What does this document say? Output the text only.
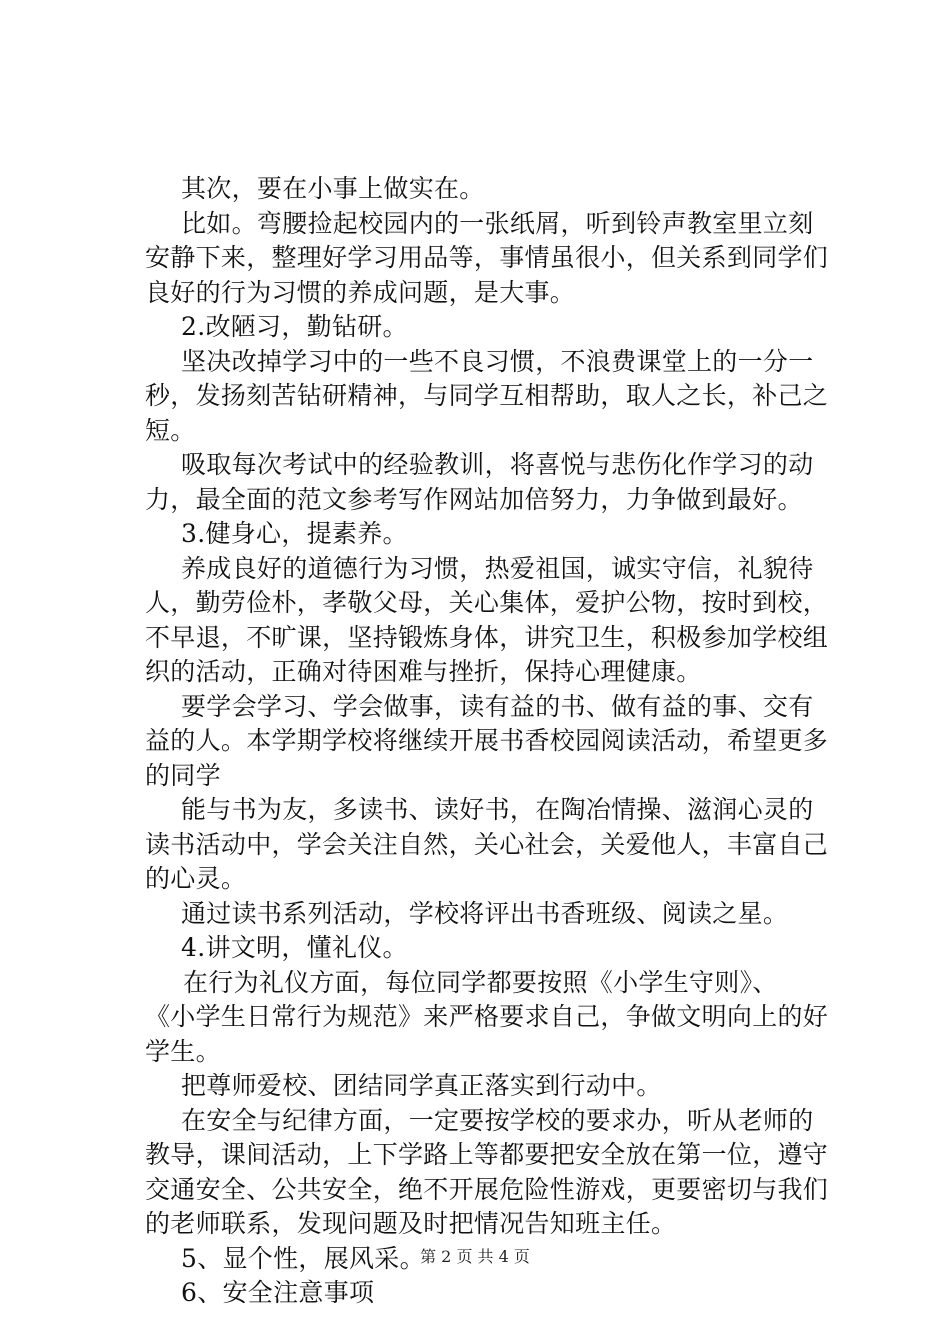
其次，要在小事上做实在。
比如。弯腰捡起校园内的一张纸屑，听到铃声教室里立刻
安静下来，整理好学习用品等，事情虽很小，但关系到同学们
良好的行为习惯的养成问题，是大事。
2.改陋习，勤钻研。
坚决改掉学习中的一些不良习惯，不浪费课堂上的一分一
秒，发扬刻苦钻研精神，与同学互相帮助，取人之长，补己之
短。
吸取每次考试中的经验教训，将喜悦与悲伤化作学习的动
力，最全面的范文参考写作网站加倍努力，力争做到最好。
3.健身心，提素养。
养成良好的道德行为习惯，热爱祖国，诚实守信，礼貌待
人，勤劳俭朴，孝敬父母，关心集体，爱护公物，按时到校，
不早退，不旷课，坚持锻炼身体，讲究卫生，积极参加学校组
织的活动，正确对待困难与挫折，保持心理健康。
要学会学习、学会做事，读有益的书、做有益的事、交有
益的人。本学期学校将继续开展书香校园阅读活动，希望更多
的同学
能与书为友，多读书、读好书，在陶冶情操、滋润心灵的
读书活动中，学会关注自然，关心社会，关爱他人，丰富自己
的心灵。
通过读书系列活动，学校将评出书香班级、阅读之星。
4.讲文明，懂礼仪。
在行为礼仪方面，每位同学都要按照《小学生守则》、
《小学生日常行为规范》来严格要求自己，争做文明向上的好
学生。
把尊师爱校、团结同学真正落实到行动中。
在安全与纪律方面，一定要按学校的要求办，听从老师的
教导，课间活动，上下学路上等都要把安全放在第一位，遵守
交通安全、公共安全，绝不开展危险性游戏，更要密切与我们
的老师联系，发现问题及时把情况告知班主任。
5、显个性，展风采。
6、安全注意事项
第 2 页 共 4 页
